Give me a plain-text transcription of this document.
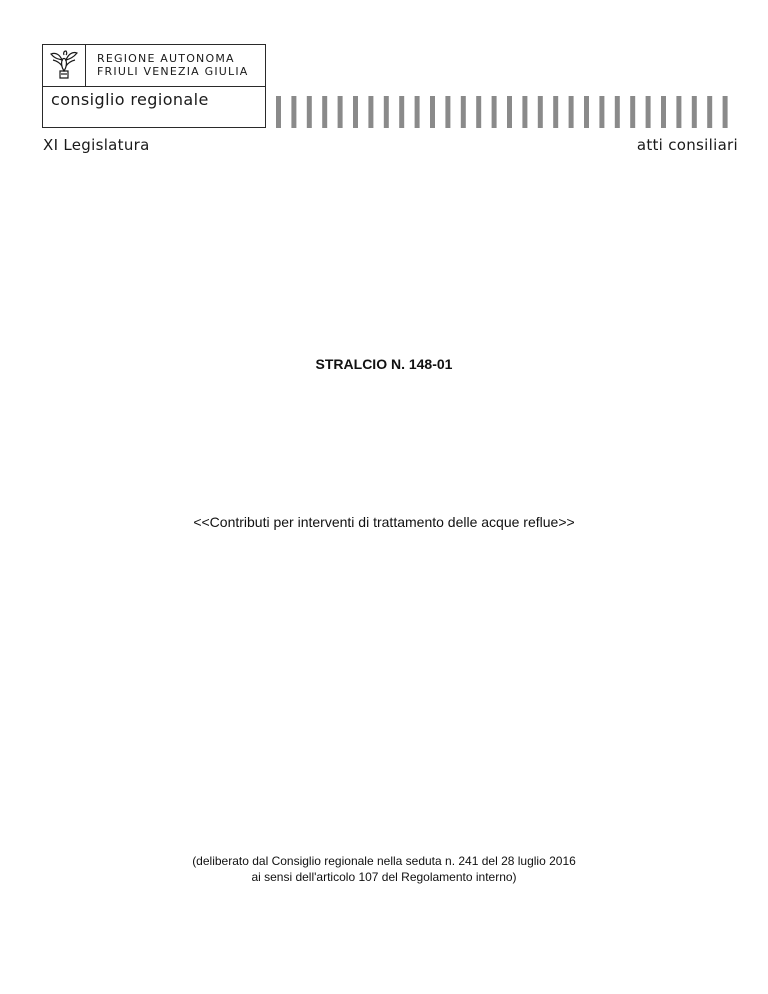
REGIONE AUTONOMA
FRIULI VENEZIA GIULIA
consiglio regionale
XI Legislatura	atti consiliari
STRALCIO N. 148-01
<<Contributi per interventi di trattamento delle acque reflue>>
(deliberato dal Consiglio regionale nella seduta n. 241 del 28 luglio 2016
ai sensi dell'articolo 107 del Regolamento interno)
